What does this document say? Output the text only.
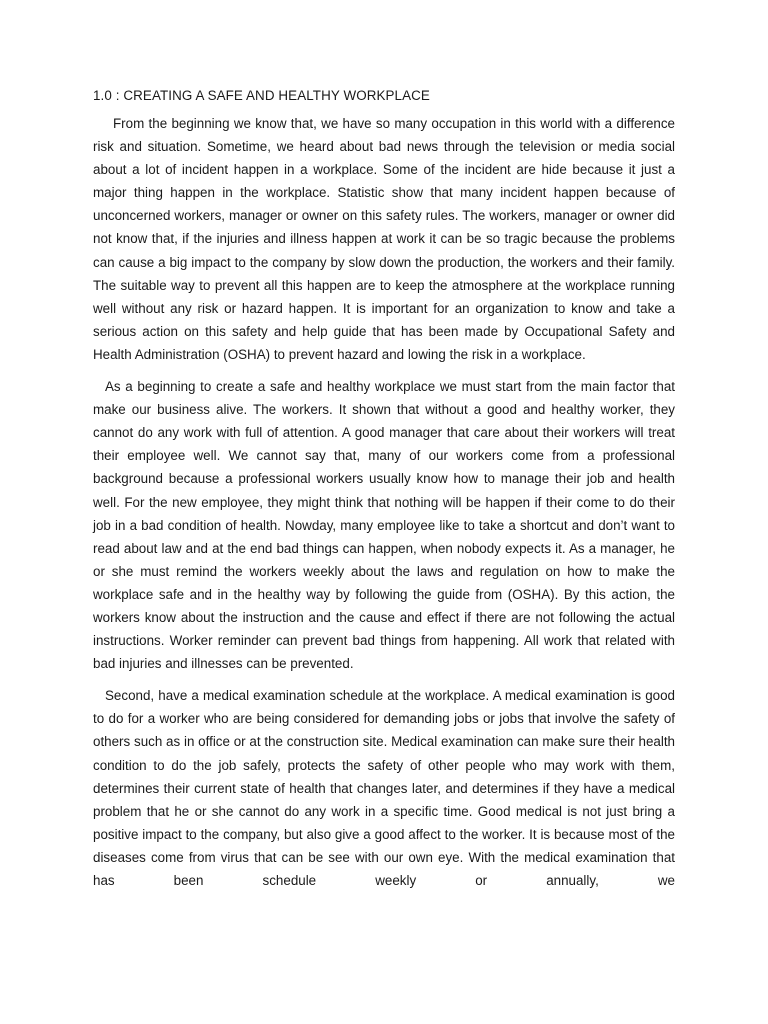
1.0 : CREATING A SAFE AND HEALTHY WORKPLACE

From the beginning we know that, we have so many occupation in this world with a difference risk and situation. Sometime, we heard about bad news through the television or media social about a lot of incident happen in a workplace. Some of the incident are hide because it just a major thing happen in the workplace. Statistic show that many incident happen because of unconcerned workers, manager or owner on this safety rules. The workers, manager or owner did not know that, if the injuries and illness happen at work it can be so tragic because the problems can cause a big impact to the company by slow down the production, the workers and their family. The suitable way to prevent all this happen are to keep the atmosphere at the workplace running well without any risk or hazard happen. It is important for an organization to know and take a serious action on this safety and help guide that has been made by Occupational Safety and Health Administration (OSHA) to prevent hazard and lowing the risk in a workplace.

As a beginning to create a safe and healthy workplace we must start from the main factor that make our business alive. The workers. It shown that without a good and healthy worker, they cannot do any work with full of attention. A good manager that care about their workers will treat their employee well. We cannot say that, many of our workers come from a professional background because a professional workers usually know how to manage their job and health well. For the new employee, they might think that nothing will be happen if their come to do their job in a bad condition of health. Nowday, many employee like to take a shortcut and don’t want to read about law and at the end bad things can happen, when nobody expects it. As a manager, he or she must remind the workers weekly about the laws and regulation on how to make the workplace safe and in the healthy way by following the guide from (OSHA). By this action, the workers know about the instruction and the cause and effect if there are not following the actual instructions. Worker reminder can prevent bad things from happening. All work that related with bad injuries and illnesses can be prevented.

Second, have a medical examination schedule at the workplace. A medical examination is good to do for a worker who are being considered for demanding jobs or jobs that involve the safety of others such as in office or at the construction site. Medical examination can make sure their health condition to do the job safely, protects the safety of other people who may work with them, determines their current state of health that changes later, and determines if they have a medical problem that he or she cannot do any work in a specific time. Good medical is not just bring a positive impact to the company, but also give a good affect to the worker. It is because most of the diseases come from virus that can be see with our own eye. With the medical examination that has been schedule weekly or annually, we
